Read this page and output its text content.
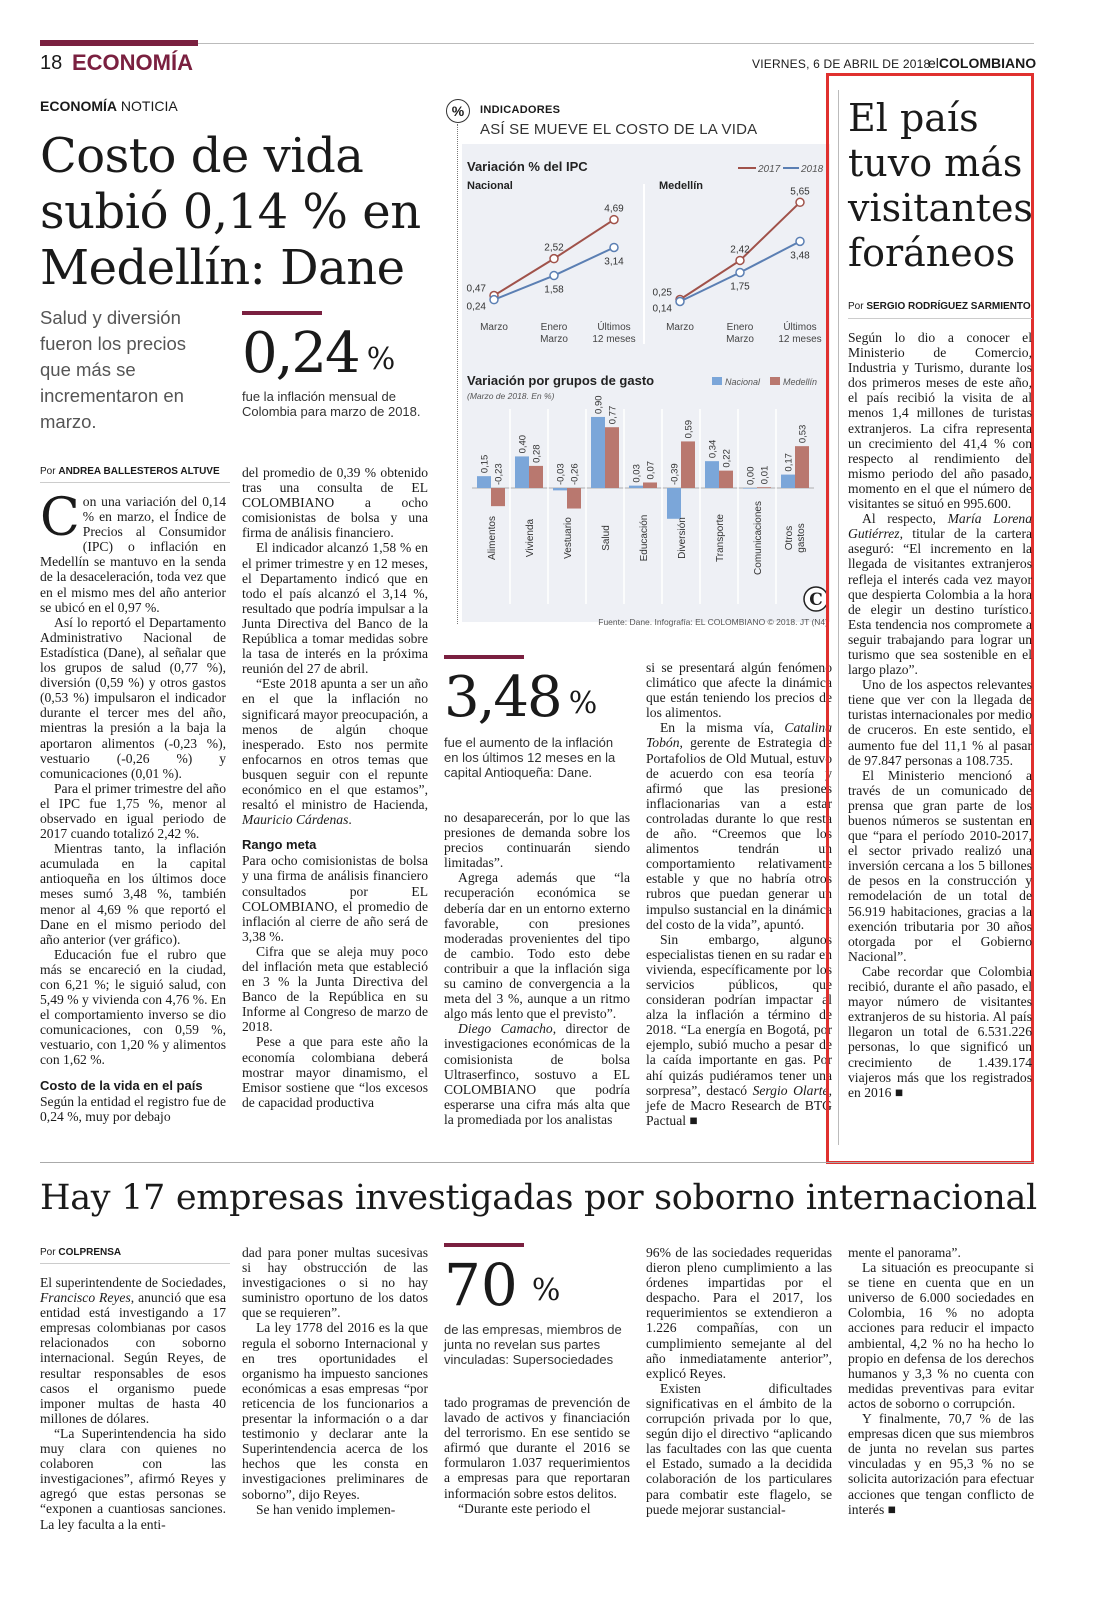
18 ECONOMÍA	VIERNES, 6 DE ABRIL DE 2018
elCOLOMBIANO
ECONOMÍA NOTICIA
Costo de vida subió 0,14 % en Medellín: Dane
Salud y diversión fueron los precios que más se incrementaron en marzo.
0,24 %
fue la inflación mensual de Colombia para marzo de 2018.
Por ANDREA BALLESTEROS ALTUVE

Con una variación del 0,14 % en marzo, el Índice de Precios al Consumidor (IPC) o inflación en Medellín se mantuvo en la senda de la desaceleración, toda vez que en el mismo mes del año anterior se ubicó en el 0,97 %.

Así lo reportó el Departamento Administrativo Nacional de Estadística (Dane), al señalar que los grupos de salud (0,77 %), diversión (0,59 %) y otros gastos (0,53 %) impulsaron el indicador durante el tercer mes del año, mientras la presión a la baja la aportaron alimentos (-0,23 %), vestuario (-0,26 %) y comunicaciones (0,01 %).

Para el primer trimestre del año el IPC fue 1,75 %, menor al observado en igual periodo de 2017 cuando totalizó 2,42 %.

Mientras tanto, la inflación acumulada en la capital antioqueña en los últimos doce meses sumó 3,48 %, también menor al 4,69 % que reportó el Dane en el mismo periodo del año anterior (ver gráfico).

Educación fue el rubro que más se encareció en la ciudad, con 6,21 %; le siguió salud, con 5,49 % y vivienda con 4,76 %. En el comportamiento inverso se dio comunicaciones, con 0,59 %, vestuario, con 1,20 % y alimentos con 1,62 %.

Costo de la vida en el país

Según la entidad el registro fue de 0,24 %, muy por debajo

del promedio de 0,39 % obtenido tras una consulta de EL COLOMBIANO a ocho comisionistas de bolsa y una firma de análisis financiero.

El indicador alcanzó 1,58 % en el primer trimestre y en 12 meses, el Departamento indicó que en todo el país alcanzó el 3,14 %, resultado que podría impulsar a la Junta Directiva del Banco de la República a tomar medidas sobre la tasa de interés en la próxima reunión del 27 de abril.

“Este 2018 apunta a ser un año en el que la inflación no significará mayor preocupación, a menos de algún choque inesperado. Esto nos permite enfocarnos en otros temas que busquen seguir con el repunte económico en el que estamos”, resaltó el ministro de Hacienda, Mauricio Cárdenas.

Rango meta

Para ocho comisionistas de bolsa y una firma de análisis financiero consultados por EL COLOMBIANO, el promedio de inflación al cierre de año será de 3,38 %.

Cifra que se aleja muy poco del inflación meta que estableció en 3 % la Junta Directiva del Banco de la República en su Informe al Congreso de marzo de 2018.

Pese a que para este año la economía colombiana deberá mostrar mayor dinamismo, el Emisor sostiene que “los excesos de capacidad productiva

%	INDICADORES
ASÍ SE MUEVE EL COSTO DE LA VIDA
Variación % del IPC	2017 2018
Nacional	Medellín
Marzo	Enero Marzo
Últimos 12 meses
0,47
2,52
4,69
0,24
1,58
3,14
Marzo	Enero Marzo
Últimos 12 meses
0,25
2,42
5,65
0,14
1,75
3,48
Variación por grupos de gasto
(Marzo de 2018. En %)
Nacional	Medellín
0,15 -0,23
Alimentos
0,40
0,28
Vivienda
-0,03 -0,26
Vestuario
0,90
0,77
Salud
0,03 0,07
Educación
-0,39
0,59
Diversión
0,34
0,22
Transporte
0,00 0,01
Comunicaciones
0,17
0,53
Otrosgastos
C
Fuente: Dane. Infografía: EL COLOMBIANO © 2018. JT (N4)
3,48 %
fue el aumento de la inflación en los últimos 12 meses en la capital Antioqueña: Dane.

no desaparecerán, por lo que las presiones de demanda sobre los precios continuarán siendo limitadas”.

Agrega además que “la recuperación económica se debería dar en un entorno externo favorable, con presiones moderadas provenientes del tipo de cambio. Todo esto debe contribuir a que la inflación siga su camino de convergencia a la meta del 3 %, aunque a un ritmo algo más lento que el previsto”.

Diego Camacho, director de investigaciones económicas de la comisionista de bolsa Ultraserfinco, sostuvo a EL COLOMBIANO que podría esperarse una cifra más alta que la promediada por los analistas

si se presentará algún fenómeno climático que afecte la dinámica que están teniendo los precios de los alimentos.

En la misma vía, Catalina Tobón, gerente de Estrategia de Portafolios de Old Mutual, estuvo de acuerdo con esa teoría y afirmó que las presiones inflacionarias van a estar controladas durante lo que resta de año. “Creemos que los alimentos tendrán un comportamiento relativamente estable y que no habría otros rubros que puedan generar un impulso sustancial en la dinámica del costo de la vida”, apuntó.

Sin embargo, algunos especialistas tienen en su radar en vivienda, específicamente por los servicios públicos, que consideran podrían impactar al alza la inflación a término de 2018. “La energía en Bogotá, por ejemplo, subió mucho a pesar de la caída importante en gas. Por ahí quizás pudiéramos tener una sorpresa”, destacó Sergio Olarte, jefe de Macro Research de BTG Pactual ■

El país tuvo más visitantes foráneos
Por SERGIO RODRÍGUEZ SARMIENTO

Según lo dio a conocer el Ministerio de Comercio, Industria y Turismo, durante los dos primeros meses de este año, el país recibió la visita de al menos 1,4 millones de turistas extranjeros. La cifra representa un crecimiento del 41,4 % con respecto al rendimiento del mismo periodo del año pasado, momento en el que el número de visitantes se situó en 995.600.

Al respecto, María Lorena Gutiérrez, titular de la cartera aseguró: “El incremento en la llegada de visitantes extranjeros refleja el interés cada vez mayor que despierta Colombia a la hora de elegir un destino turístico. Esta tendencia nos compromete a seguir trabajando para lograr un turismo que sea sostenible en el largo plazo”.

Uno de los aspectos relevantes tiene que ver con la llegada de turistas internacionales por medio de cruceros. En este sentido, el aumento fue del 11,1 % al pasar de 97.847 personas a 108.735.

El Ministerio mencionó a través de un comunicado de prensa que gran parte de los buenos números se sustentan en que “para el período 2010-2017, el sector privado realizó una inversión cercana a los 5 billones de pesos en la construcción y remodelación de un total de 56.919 habitaciones, gracias a la exención tributaria por 30 años otorgada por el Gobierno Nacional”.

Cabe recordar que Colombia recibió, durante el año pasado, el mayor número de visitantes extranjeros de su historia. Al país llegaron un total de 6.531.226 personas, lo que significó un crecimiento de 1.439.174 viajeros más que los registrados en 2016 ■

Hay 17 empresas investigadas por soborno internacional
Por COLPRENSA

El superintendente de Sociedades, Francisco Reyes, anunció que esa entidad está investigando a 17 empresas colombianas por casos relacionados con soborno internacional. Según Reyes, de resultar responsables de esos casos el organismo puede imponer multas de hasta 40 millones de dólares.

“La Superintendencia ha sido muy clara con quienes no colaboren con las investigaciones”, afirmó Reyes y agregó que estas personas se “exponen a cuantiosas sanciones. La ley faculta a la enti-

dad para poner multas sucesivas si hay obstrucción de las investigaciones o si no hay suministro oportuno de los datos que se requieren”.

La ley 1778 del 2016 es la que regula el soborno Internacional y en tres oportunidades el organismo ha impuesto sanciones económicas a esas empresas “por reticencia de los funcionarios a presentar la información o a dar testimonio y declarar ante la Superintendencia acerca de los hechos que les consta en investigaciones preliminares de soborno”, dijo Reyes.

Se han venido implemen-

70 %
de las empresas, miembros de junta no revelan sus partes vinculadas: Supersociedades

tado programas de prevención de lavado de activos y financiación del terrorismo. En ese sentido se afirmó que durante el 2016 se formularon 1.037 requerimientos a empresas para que reportaran información sobre estos delitos.

“Durante este periodo el

96% de las sociedades requeridas dieron pleno cumplimiento a las órdenes impartidas por el despacho. Para el 2017, los requerimientos se extendieron a 1.226 compañías, con un cumplimiento semejante al del año inmediatamente anterior”, explicó Reyes.

Existen dificultades significativas en el ámbito de la corrupción privada por lo que, según dijo el directivo “aplicando las facultades con las que cuenta el Estado, sumado a la decidida colaboración de los particulares para combatir este flagelo, se puede mejorar sustancial-

mente el panorama”.

La situación es preocupante si se tiene en cuenta que en un universo de 6.000 sociedades en Colombia, 16 % no adopta acciones para reducir el impacto ambiental, 4,2 % no ha hecho lo propio en defensa de los derechos humanos y 3,3 % no cuenta con medidas preventivas para evitar actos de soborno o corrupción.

Y finalmente, 70,7 % de las empresas dicen que sus miembros de junta no revelan sus partes vinculadas y en 95,3 % no se solicita autorización para efectuar acciones que tengan conflicto de interés ■
